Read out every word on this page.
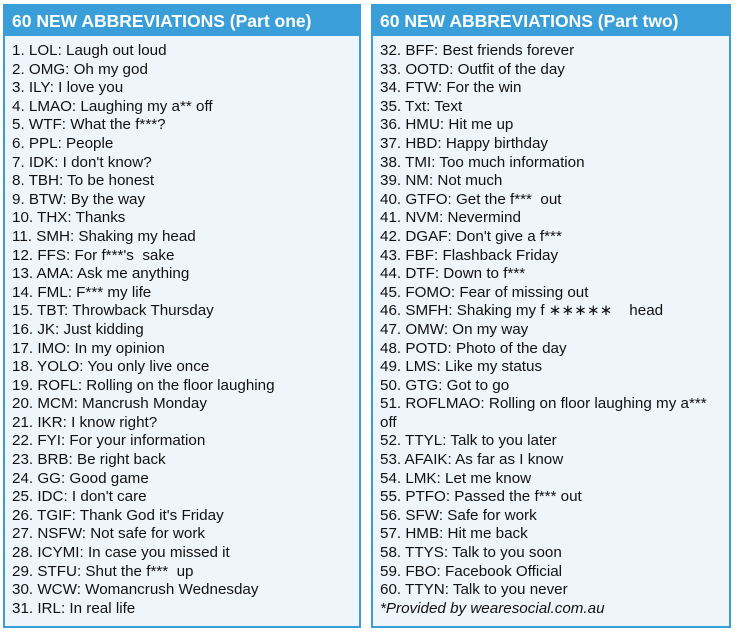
60 NEW ABBREVIATIONS (Part one)
1. LOL: Laugh out loud
2. OMG: Oh my god
3. ILY: I love you
4. LMAO: Laughing my a** off
5. WTF: What the f***?
6. PPL: People
7. IDK: I don't know?
8. TBH: To be honest
9. BTW: By the way
10. THX: Thanks
11. SMH: Shaking my head
12. FFS: For f***'s  sake
13. AMA: Ask me anything
14. FML: F*** my life
15. TBT: Throwback Thursday
16. JK: Just kidding
17. IMO: In my opinion
18. YOLO: You only live once
19. ROFL: Rolling on the floor laughing
20. MCM: Mancrush Monday
21. IKR: I know right?
22. FYI: For your information
23. BRB: Be right back
24. GG: Good game
25. IDC: I don't care
26. TGIF: Thank God it's Friday
27. NSFW: Not safe for work
28. ICYMI: In case you missed it
29. STFU: Shut the f***  up
30. WCW: Womancrush Wednesday
31. IRL: In real life
60 NEW ABBREVIATIONS (Part two)
32. BFF: Best friends forever
33. OOTD: Outfit of the day
34. FTW: For the win
35. Txt: Text
36. HMU: Hit me up
37. HBD: Happy birthday
38. TMI: Too much information
39. NM: Not much
40. GTFO: Get the f***  out
41. NVM: Nevermind
42. DGAF: Don't give a f***
43. FBF: Flashback Friday
44. DTF: Down to f***
45. FOMO: Fear of missing out
46. SMFH: Shaking my f ∗∗∗∗∗    head
47. OMW: On my way
48. POTD: Photo of the day
49. LMS: Like my status
50. GTG: Got to go
51. ROFLMAO: Rolling on floor laughing my a*** off
52. TTYL: Talk to you later
53. AFAIK: As far as I know
54. LMK: Let me know
55. PTFO: Passed the f*** out
56. SFW: Safe for work
57. HMB: Hit me back
58. TTYS: Talk to you soon
59. FBO: Facebook Official
60. TTYN: Talk to you never
*Provided by wearesocial.com.au
